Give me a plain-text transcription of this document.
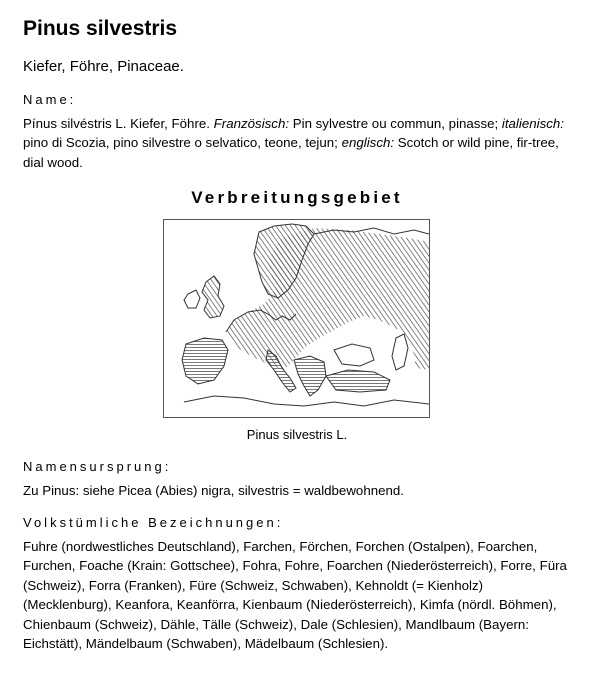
Pinus silvestris
Kiefer, Föhre, Pinaceae.
Name:
Pínus silvéstris L. Kiefer, Föhre. Französisch: Pin sylvestre ou commun, pinasse; italienisch: pino di Scozia, pino silvestre o selvatico, teone, tejun; englisch: Scotch or wild pine, fir-tree, dial wood.
Verbreitungsgebiet
Pinus silvestris L.
Namensursprung:
Zu Pinus: siehe Picea (Abies) nigra, silvestris = waldbewohnend.
Volkstümliche Bezeichnungen:
Fuhre (nordwestliches Deutschland), Farchen, Förchen, Forchen (Ostalpen), Foarchen, Furchen, Foache (Krain: Gottschee), Fohra, Fohre, Foarchen (Niederösterreich), Forre, Füra (Schweiz), Forra (Franken), Füre (Schweiz, Schwaben), Kehnoldt (= Kienholz) (Mecklenburg), Keanfora, Keanförra, Kienbaum (Niederösterreich), Kimfa (nördl. Böhmen), Chienbaum (Schweiz), Dähle, Tälle (Schweiz), Dale (Schlesien), Mandlbaum (Bayern: Eichstätt), Mändelbaum (Schwaben), Mädelbaum (Schlesien).
